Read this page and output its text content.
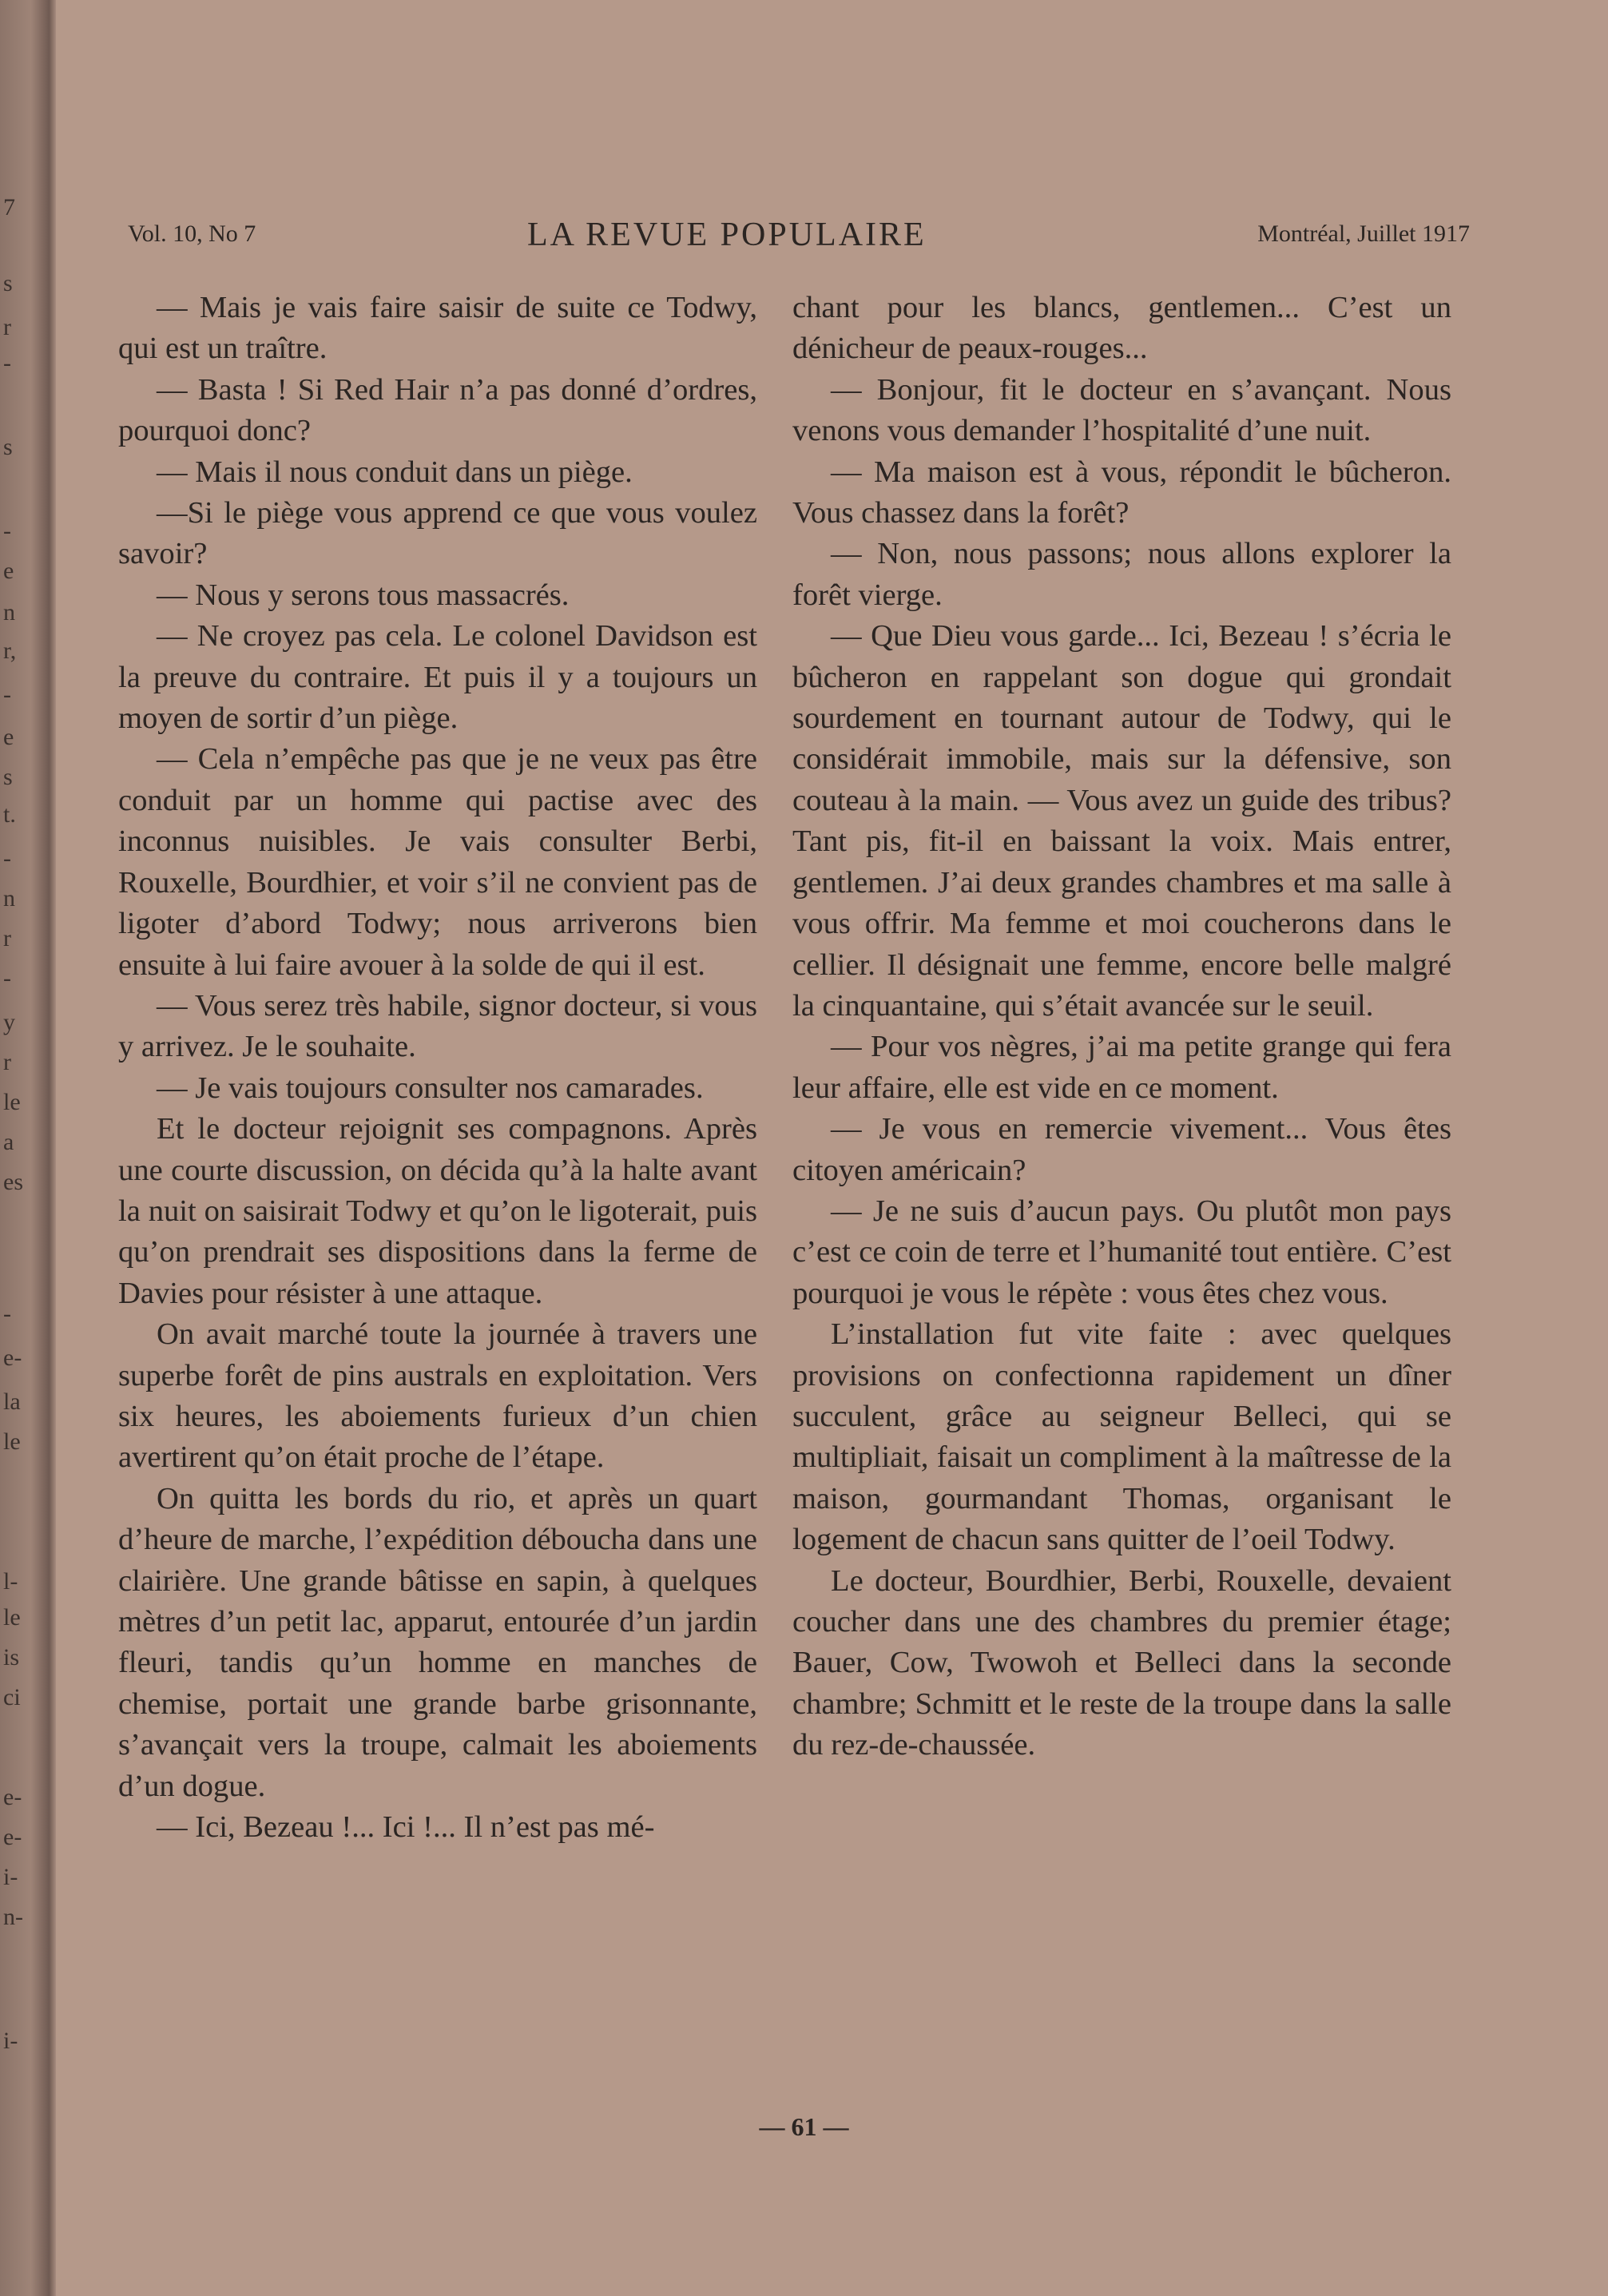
7
s
r
-
s
-
e
n
r,
-
e
s
t.
-
n
r
-
y
r
le
a
es
-
e-
la
le
l-
le
is
ci
e-
e-
i-
n-
i-
Vol. 10, No 7	LA REVUE POPULAIRE	Montréal, Juillet 1917

— Mais je vais faire saisir de suite ce Todwy, qui est un traître.

— Basta ! Si Red Hair n’a pas donné d’ordres, pourquoi donc?

— Mais il nous conduit dans un piège.

—Si le piège vous apprend ce que vous voulez savoir?

— Nous y serons tous massacrés.

— Ne croyez pas cela. Le colonel Davidson est la preuve du contraire. Et puis il y a toujours un moyen de sortir d’un piège.

— Cela n’empêche pas que je ne veux pas être conduit par un homme qui pactise avec des inconnus nuisibles. Je vais consulter Berbi, Rouxelle, Bourdhier, et voir s’il ne convient pas de ligoter d’abord Todwy; nous arriverons bien ensuite à lui faire avouer à la solde de qui il est.

— Vous serez très habile, signor docteur, si vous y arrivez. Je le souhaite.

— Je vais toujours consulter nos camarades.

Et le docteur rejoignit ses compagnons. Après une courte discussion, on décida qu’à la halte avant la nuit on saisirait Todwy et qu’on le ligoterait, puis qu’on prendrait ses dispositions dans la ferme de Davies pour résister à une attaque.

On avait marché toute la journée à travers une superbe forêt de pins australs en exploitation. Vers six heures, les aboiements furieux d’un chien avertirent qu’on était proche de l’étape.

On quitta les bords du rio, et après un quart d’heure de marche, l’expédition déboucha dans une clairière. Une grande bâtisse en sapin, à quelques mètres d’un petit lac, apparut, entourée d’un jardin fleuri, tandis qu’un homme en manches de chemise, portait une grande barbe grisonnante, s’avançait vers la troupe, calmait les aboiements d’un dogue.

— Ici, Bezeau !... Ici !... Il n’est pas mé-

chant pour les blancs, gentlemen... C’est un dénicheur de peaux-rouges...

— Bonjour, fit le docteur en s’avançant. Nous venons vous demander l’hospitalité d’une nuit.

— Ma maison est à vous, répondit le bûcheron. Vous chassez dans la forêt?

— Non, nous passons; nous allons explorer la forêt vierge.

— Que Dieu vous garde... Ici, Bezeau ! s’écria le bûcheron en rappelant son dogue qui grondait sourdement en tournant autour de Todwy, qui le considérait immobile, mais sur la défensive, son couteau à la main. — Vous avez un guide des tribus? Tant pis, fit-il en baissant la voix. Mais entrer, gentlemen. J’ai deux grandes chambres et ma salle à vous offrir. Ma femme et moi coucherons dans le cellier. Il désignait une femme, encore belle malgré la cinquantaine, qui s’était avancée sur le seuil.

— Pour vos nègres, j’ai ma petite grange qui fera leur affaire, elle est vide en ce moment.

— Je vous en remercie vivement... Vous êtes citoyen américain?

— Je ne suis d’aucun pays. Ou plutôt mon pays c’est ce coin de terre et l’humanité tout entière. C’est pourquoi je vous le répète : vous êtes chez vous.

L’installation fut vite faite : avec quelques provisions on confectionna rapidement un dîner succulent, grâce au seigneur Belleci, qui se multipliait, faisait un compliment à la maîtresse de la maison, gourmandant Thomas, organisant le logement de chacun sans quitter de l’oeil Todwy.

Le docteur, Bourdhier, Berbi, Rouxelle, devaient coucher dans une des chambres du premier étage; Bauer, Cow, Twowoh et Belleci dans la seconde chambre; Schmitt et le reste de la troupe dans la salle du rez-de-chaussée.

— 61 —
